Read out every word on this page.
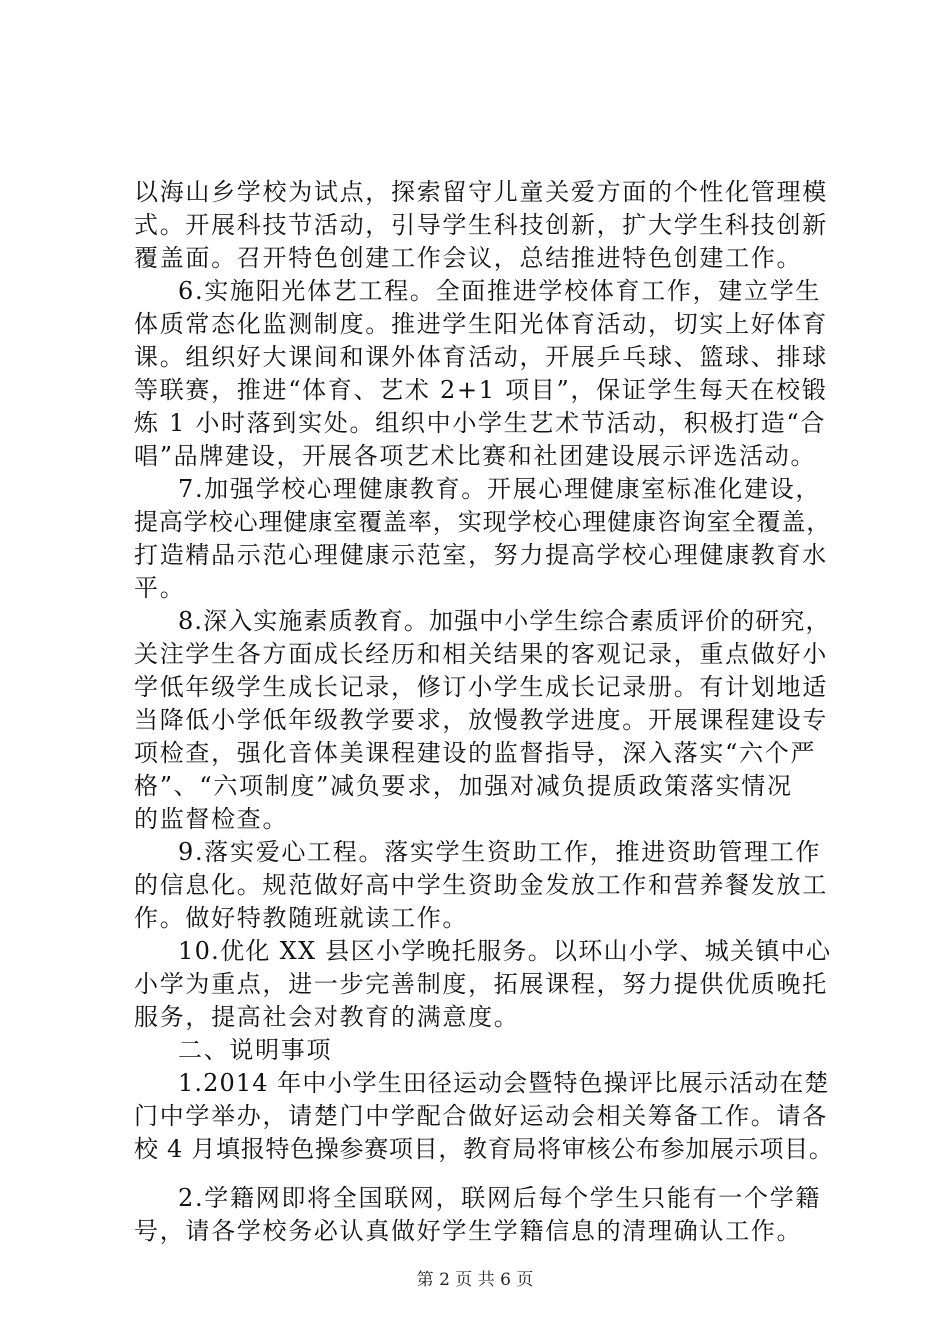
以海山乡学校为试点，探索留守儿童关爱方面的个性化管理模
式。开展科技节活动，引导学生科技创新，扩大学生科技创新
覆盖面。召开特色创建工作会议，总结推进特色创建工作。
6.实施阳光体艺工程。全面推进学校体育工作，建立学生
体质常态化监测制度。推进学生阳光体育活动，切实上好体育
课。组织好大课间和课外体育活动，开展乒乓球、篮球、排球
等联赛，推进“体育、艺术 2+1 项目”，保证学生每天在校锻
炼 1 小时落到实处。组织中小学生艺术节活动，积极打造“合
唱”品牌建设，开展各项艺术比赛和社团建设展示评选活动。
7.加强学校心理健康教育。开展心理健康室标准化建设，
提高学校心理健康室覆盖率，实现学校心理健康咨询室全覆盖，
打造精品示范心理健康示范室，努力提高学校心理健康教育水
平。
8.深入实施素质教育。加强中小学生综合素质评价的研究，
关注学生各方面成长经历和相关结果的客观记录，重点做好小
学低年级学生成长记录，修订小学生成长记录册。有计划地适
当降低小学低年级教学要求，放慢教学进度。开展课程建设专
项检查，强化音体美课程建设的监督指导，深入落实“六个严
格”、“六项制度”减负要求，加强对减负提质政策落实情况
的监督检查。
9.落实爱心工程。落实学生资助工作，推进资助管理工作
的信息化。规范做好高中学生资助金发放工作和营养餐发放工
作。做好特教随班就读工作。
10.优化 XX 县区小学晚托服务。以环山小学、城关镇中心
小学为重点，进一步完善制度，拓展课程，努力提供优质晚托
服务，提高社会对教育的满意度。
二、说明事项
1.2014 年中小学生田径运动会暨特色操评比展示活动在楚
门中学举办，请楚门中学配合做好运动会相关筹备工作。请各
校 4 月填报特色操参赛项目，教育局将审核公布参加展示项目。
2.学籍网即将全国联网，联网后每个学生只能有一个学籍
号，请各学校务必认真做好学生学籍信息的清理确认工作。
第 2 页 共 6 页
